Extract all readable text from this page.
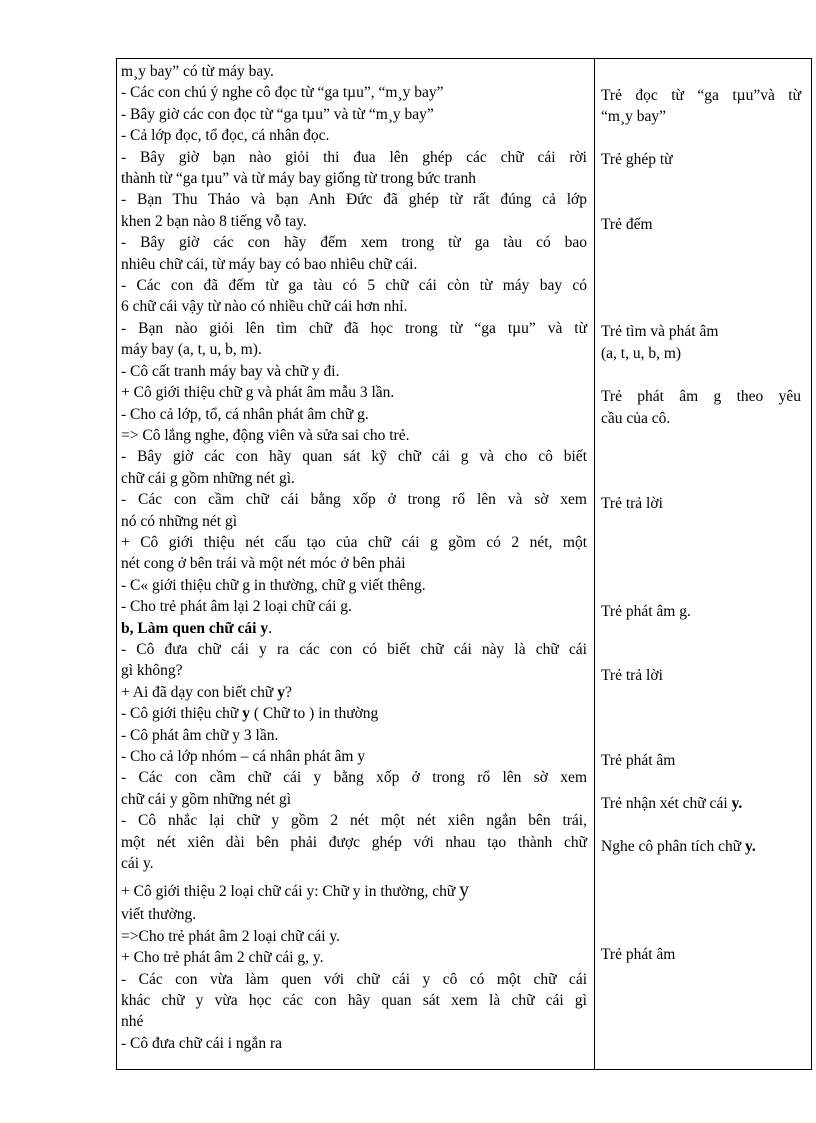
m¸y bay” có từ máy bay.
- Các con chú ý nghe cô đọc từ “ga tµu”, “m¸y bay”
- Bây giờ các con đọc từ “ga tµu” và từ “m¸y bay”
- Cả lớp đọc, tổ đọc, cá nhân đọc.
- Bây giờ bạn nào giỏi thi đua lên ghép các chữ cái rời
thành từ “ga tµu” và từ máy bay giống từ trong bức tranh
- Bạn Thu Thảo và bạn Anh Đức đã ghép từ rất đúng cả lớp
khen 2 bạn nào 8 tiếng vỗ tay.
- Bây giờ các con hãy đếm xem trong từ ga tàu có bao
nhiêu chữ cái, từ máy bay có bao nhiêu chữ cái.
- Các con đã đếm từ ga tàu có 5 chữ cái còn từ máy bay có
6 chữ cái vậy từ nào có nhiều chữ cái hơn nhỉ.
- Bạn nào giỏi lên tìm chữ đã học trong từ “ga tµu” và từ
máy bay (a, t, u, b, m).
- Cô cất tranh máy bay và chữ y đi.
+ Cô giới thiệu chữ g và phát âm mẫu 3 lần.
- Cho cả lớp, tổ, cá nhân phát âm chữ g.
=> Cô lắng nghe, động viên và sửa sai cho trẻ.
- Bây giờ các con hãy quan sát kỹ chữ cái g và cho cô biết
chữ cái g gồm những nét gì.
- Các con cầm chữ cái bằng xốp ở trong rổ lên và sờ xem
nó có những nét gì
+ Cô giới thiệu nét cấu tạo của chữ cái g gồm có 2 nét, một
nét cong ở bên trái và một nét móc ở bên phải
- C« giới thiệu chữ g in thường, chữ g viết thêng.
- Cho trẻ phát âm lại 2 loại chữ cái g.
b, Làm quen chữ cái y.
- Cô đưa chữ cái y ra các con có biết chữ cái này là chữ cái
gì không?
+ Ai đã dạy con biết chữ y?
- Cô giới thiệu chữ y ( Chữ to ) in thường
- Cô phát âm chữ y 3 lần.
- Cho cả lớp nhóm – cá nhân phát âm y
- Các con cầm chữ cái y bằng xốp ở trong rổ lên sờ xem
chữ cái y gồm những nét gì
- Cô nhắc lại chữ y gồm 2 nét một nét xiên ngắn bên trái,
một nét xiên dài bên phải được ghép với nhau tạo thành chữ
cái y.
+ Cô giới thiệu 2 loại chữ cái y: Chữ y in thường, chữ y
viết thường.
=>Cho trẻ phát âm 2 loại chữ cái y.
+ Cho trẻ phát âm 2 chữ cái g, y.
- Các con vừa làm quen với chữ cái y cô có một chữ cái
khác chữ y vừa học các con hãy quan sát xem là chữ cái gì
nhé
- Cô đưa chữ cái i ngắn ra
Trẻ đọc từ “ga tµu”và từ
“m¸y bay”
Trẻ ghép từ
Trẻ đếm
Trẻ tìm và phát âm
(a, t, u, b, m)
Trẻ phát âm g theo yêu
cầu của cô.
Trẻ trả lời
Trẻ phát âm g.
Trẻ trả lời
Trẻ phát âm
Trẻ nhận xét chữ cái y.
Nghe cô phân tích chữ y.
Trẻ phát âm
